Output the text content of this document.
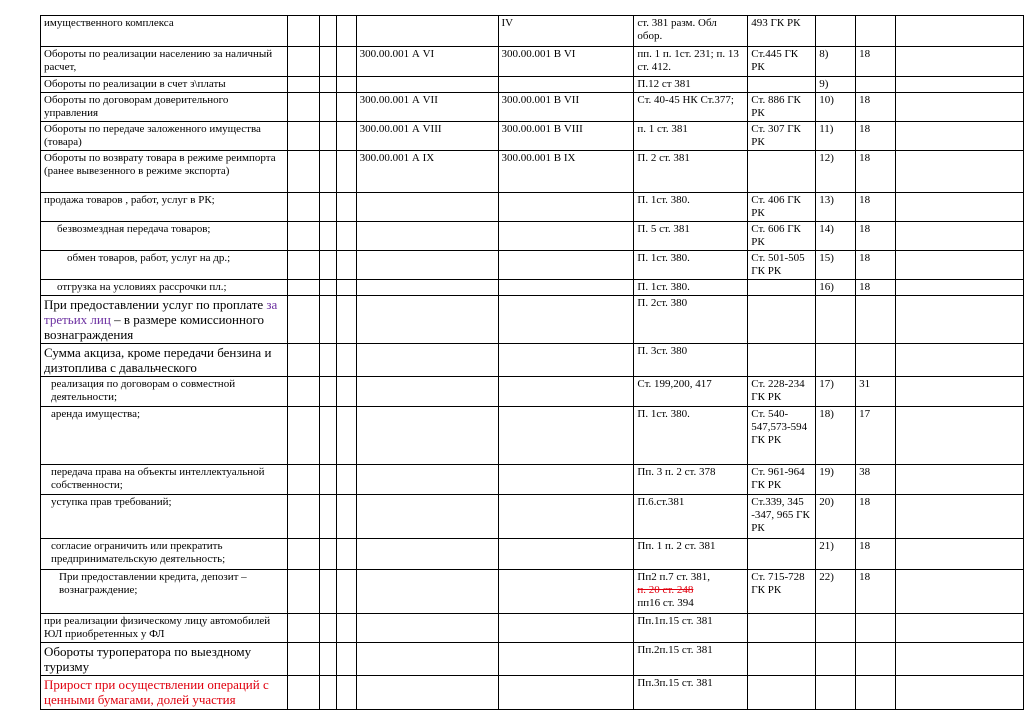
имущественного комплекса					IV	ст. 381 разм. Обл обор.	493 ГК РК			
Обороты по реализации населению за наличный расчет,				300.00.001 А VI	300.00.001 В VI	пп. 1 п. 1ст. 231; п. 13 ст. 412.	Ст.445 ГК РК	8)	18	
Обороты по реализации в счет з\платы						П.12 ст 381		9)		
Обороты по договорам доверительного управления				300.00.001 А VII	300.00.001 В VII	Ст. 40-45 НК Ст.377;	Ст. 886 ГК РК	10)	18	
Обороты по передаче заложенного имущества (товара)				300.00.001 А VIII	300.00.001 В VIII	п. 1 ст. 381	Ст. 307 ГК РК	11)	18	
Обороты по возврату товара в режиме реимпорта (ранее вывезенного в режиме экспорта)				300.00.001 А IX	300.00.001 В IX	П. 2 ст. 381		12)	18	
продажа товаров , работ, услуг в РК;						П. 1ст. 380.	Ст. 406 ГК РК	13)	18	
безвозмездная передача товаров;						П. 5 ст. 381	Ст. 606 ГК РК	14)	18	
обмен товаров, работ, услуг на др.;						П. 1ст. 380.	Ст. 501-505 ГК РК	15)	18	
отгрузка на условиях рассрочки пл.;						П. 1ст. 380.		16)	18	
При предоставлении услуг по проплате за третьих лиц – в размере комиссионного вознаграждения						П. 2ст. 380				
Сумма акциза, кроме передачи бензина и дизтоплива с давальческого						П. 3ст. 380				
реализация по договорам о совместной деятельности;						Ст. 199,200, 417	Ст. 228-234 ГК РК	17)	31	
аренда имущества;						П. 1ст. 380.	Ст. 540-547,573-594 ГК РК	18)	17	
передача права на объекты интеллектуальной собственности;						Пп. 3 п. 2 ст. 378	Ст. 961-964 ГК РК	19)	38	
уступка прав требований;						П.6.ст.381	Ст.339, 345 -347, 965 ГК РК	20)	18	
согласие ограничить или прекратить предпринимательскую деятельность;						Пп. 1 п. 2 ст. 381		21)	18	
При предоставлении кредита, депозит – вознаграждение;						Пп2 п.7 ст. 381,
п. 20 ст. 248
пп16 ст. 394	Ст. 715-728 ГК РК	22)	18	
при реализации физическому лицу автомобилей ЮЛ приобретенных у ФЛ						Пп.1п.15 ст. 381				
Обороты туроператора по выездному туризму						Пп.2п.15 ст. 381				
Прирост при осуществлении операций с ценными бумагами, долей участия						Пп.3п.15 ст. 381				
